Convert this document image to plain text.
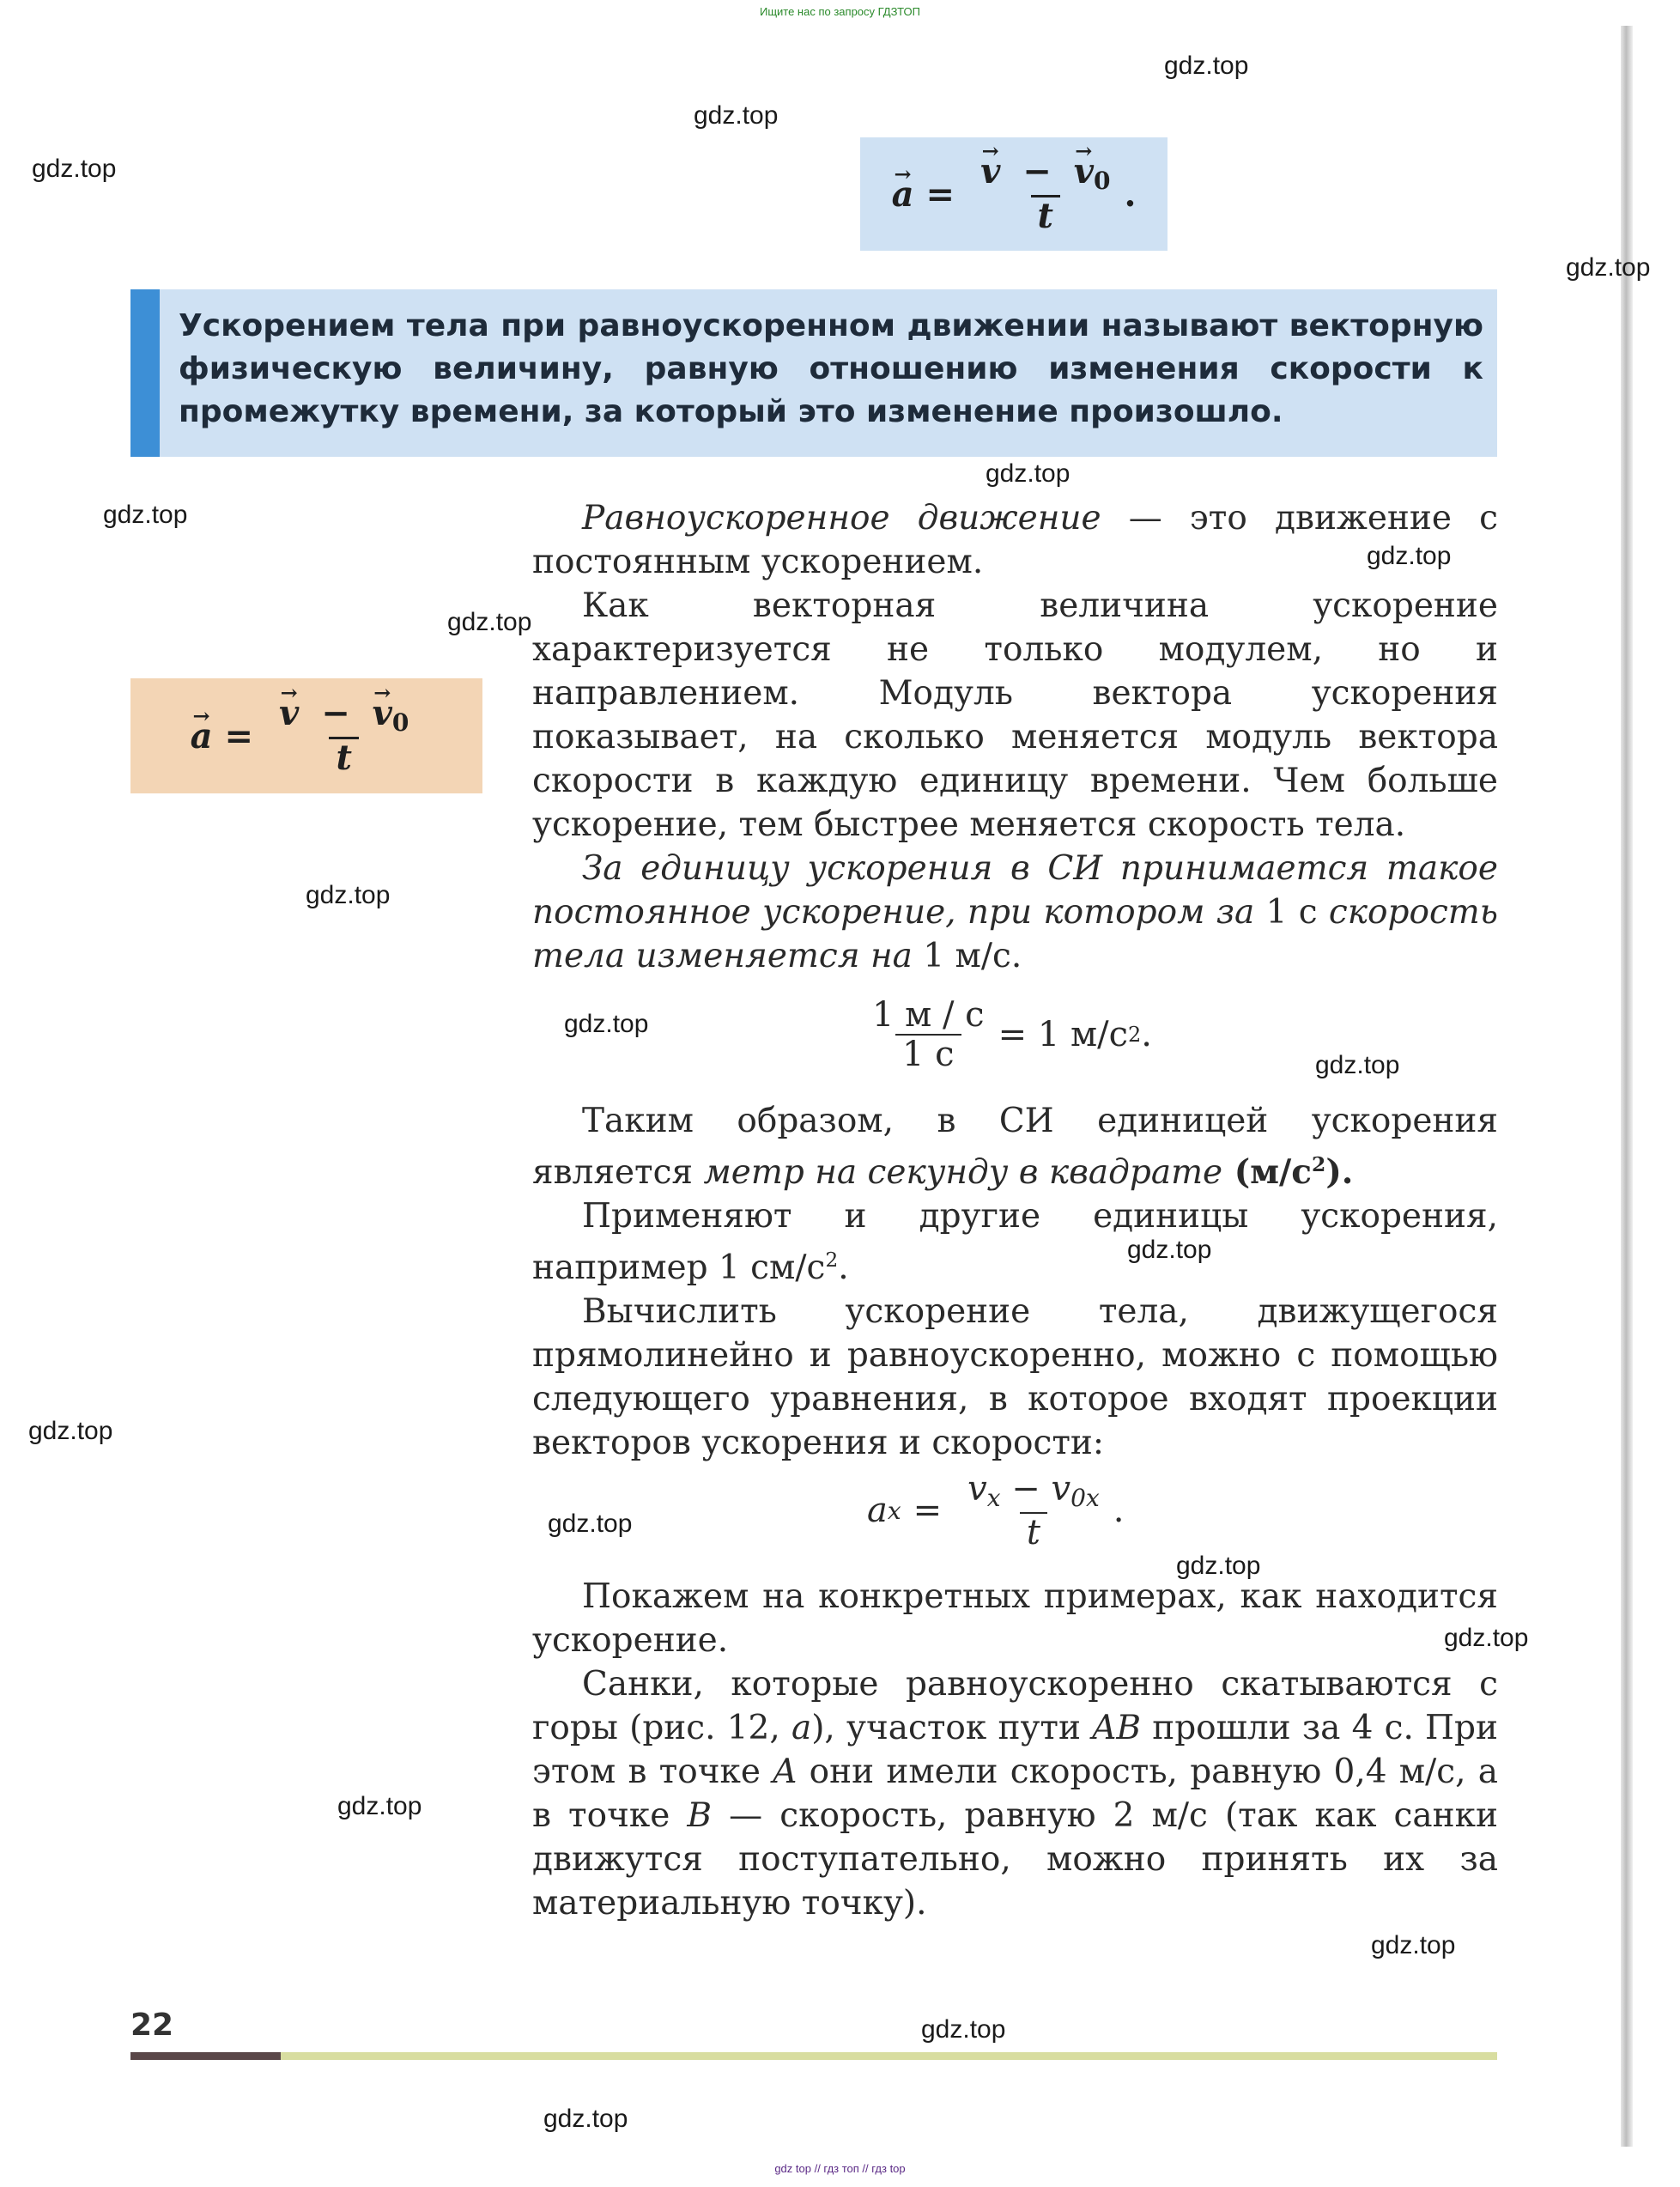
Ищите нас по запросу ГДЗТОП
→ a = → $\frac{v - \to v_0}{t}$ .
Ускорением тела при равноускоренном движении называют векторную физическую величину, равную отношению изменения скорости к промежутку времени, за который это изменение произошло.
→ a = → $\frac{v - \to v_0}{t}$

Равноускоренное движение — это движение с постоянным ускорением.

Как векторная величина ускорение характеризуется не только модулем, но и направлением. Модуль вектора ускорения показывает, на сколько меняется модуль вектора скорости в каждую единицу времени. Чем больше ускорение, тем быстрее меняется скорость тела.

За единицу ускорения в СИ принимается такое постоянное ускорение, при котором за 1 с скорость тела изменяется на 1 м/с.

$\frac{1 м / с}{1 с} = 1$ м/с 2 .

Таким образом, в СИ единицей ускорения является метр на секунду в квадрате $(м/с^2)$.

Применяют и другие единицы ускорения, например 1 $см/с^2$.

Вычислить ускорение тела, движущегося прямолинейно и равноускоренно, можно с помощью следующего уравнения, в которое входят проекции векторов ускорения и скорости:

a $x = \frac{v_x - v_{0x}}{t}$ .

Покажем на конкретных примерах, как находится ускорение.

Санки, которые равноускоренно скатываются с горы (рис. 12, а), участок пути AB прошли за 4 с. При этом в точке A они имели скорость, равную 0,4 м/с, а в точке B — скорость, равную 2 м/с (так как санки движутся поступательно, можно принять их за материальную точку).

22
gdz.top
gdz.top
gdz.top
gdz.top
gdz.top
gdz.top
gdz.top
gdz.top
gdz.top
gdz.top
gdz.top
gdz.top
gdz.top
gdz.top
gdz.top
gdz.top
gdz.top
gdz.top
gdz.top
gdz.top
gdz top // гдз топ // гдз top
